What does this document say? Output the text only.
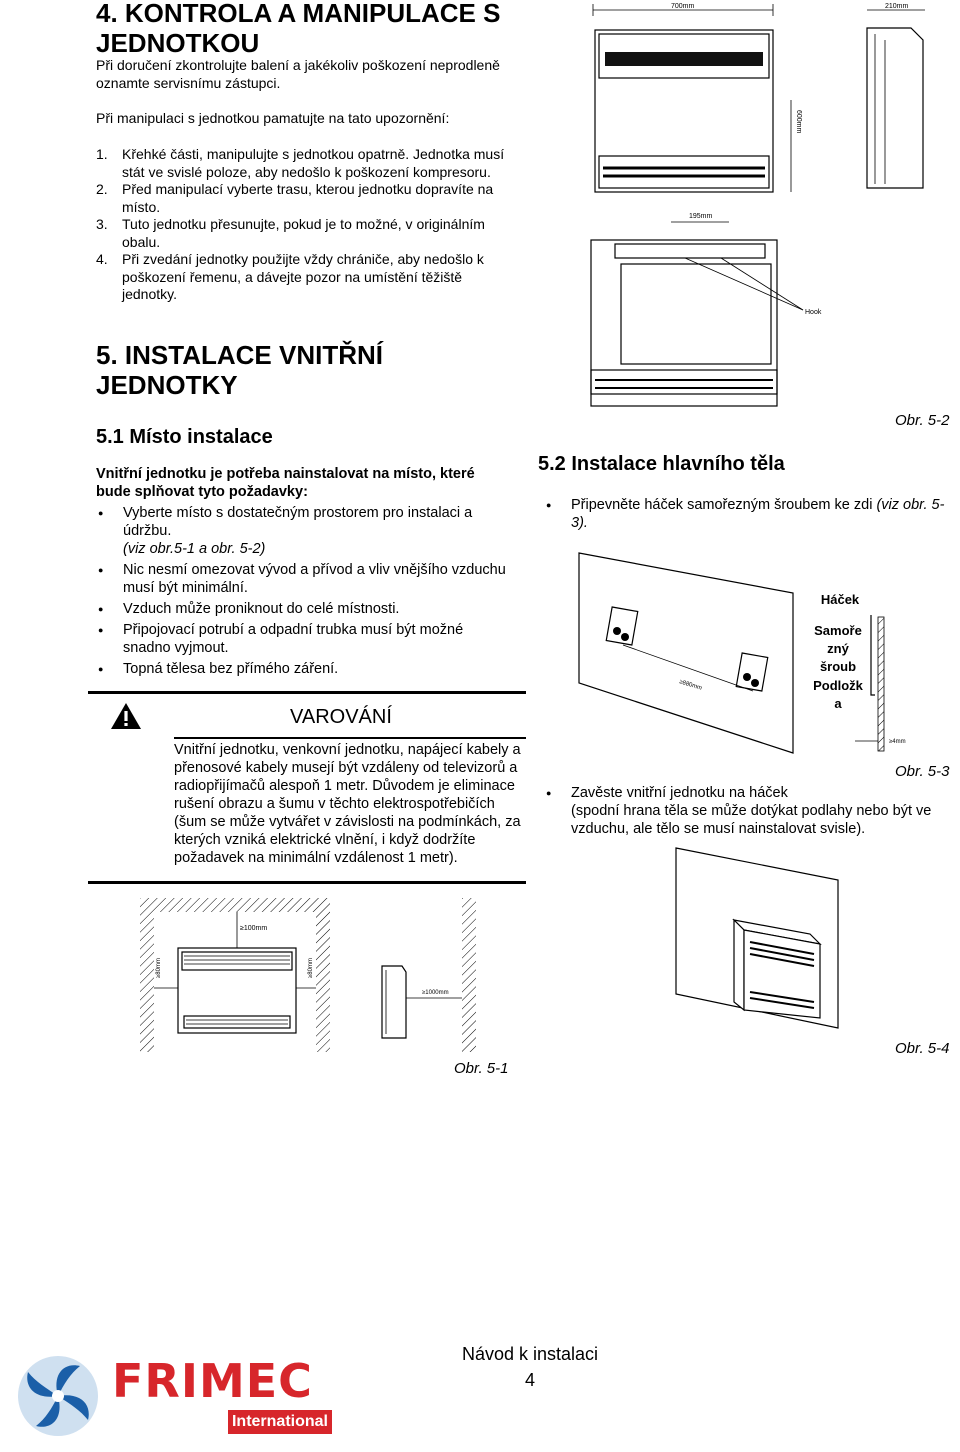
4. KONTROLA A MANIPULACE S JEDNOTKOU
Při doručení zkontrolujte balení a jakékoliv poškození neprodleně oznamte servisnímu zástupci.
Při manipulaci s jednotkou pamatujte na tato upozornění:
1. Křehké části, manipulujte s jednotkou opatrně. Jednotka musí stát ve svislé poloze, aby nedošlo k poškození kompresoru.
2. Před manipulací vyberte trasu, kterou jednotku dopravíte na místo.
3. Tuto jednotku přesunujte, pokud je to možné, v originálním obalu.
4. Při zvedání jednotky použijte vždy chrániče, aby nedošlo k poškození řemenu, a dávejte pozor na umístění těžiště jednotky.
5. INSTALACE VNITŘNÍ JEDNOTKY
5.1 Místo instalace
Vnitřní jednotku je potřeba nainstalovat na místo, které bude splňovat tyto požadavky:
● Vyberte místo s dostatečným prostorem pro instalaci a údržbu.
(viz obr.5-1 a obr. 5-2)
● Nic nesmí omezovat vývod a přívod a vliv vnějšího vzduchu musí být minimální.
● Vzduch může proniknout do celé místnosti.
● Připojovací potrubí a odpadní trubka musí být možné snadno vyjmout.
● Topná tělesa bez přímého záření.
VAROVÁNÍ
Vnitřní jednotku, venkovní jednotku, napájecí kabely a přenosové kabely musejí být vzdáleny od televizorů a radiopřijímačů alespoň 1 metr. Důvodem je eliminace rušení obrazu a šumu v těchto elektrospotřebičích (šum se může vytvářet v závislosti na podmínkách, za kterých vzniká elektrické vlnění, i když dodržíte požadavek na minimální vzdálenost 1 metr).
≥100mm
≥80mm	≥80mm
≥1000mm
Obr. 5-1
700mm
600mm
210mm
195mm
Hook
Obr. 5-2
5.2 Instalace hlavního těla
● Připevněte háček samořezným šroubem ke zdi (viz obr. 5-3).
≥880mm
≥4mm
Háček
Samoře zný šroub
Podložk a
Obr. 5-3
● Zavěste vnitřní jednotku na háček
(spodní hrana těla se může dotýkat podlahy nebo být ve vzduchu, ale tělo se musí nainstalovat svisle).
Obr. 5-4
Návod k instalaci
4
FRIMEC
International
